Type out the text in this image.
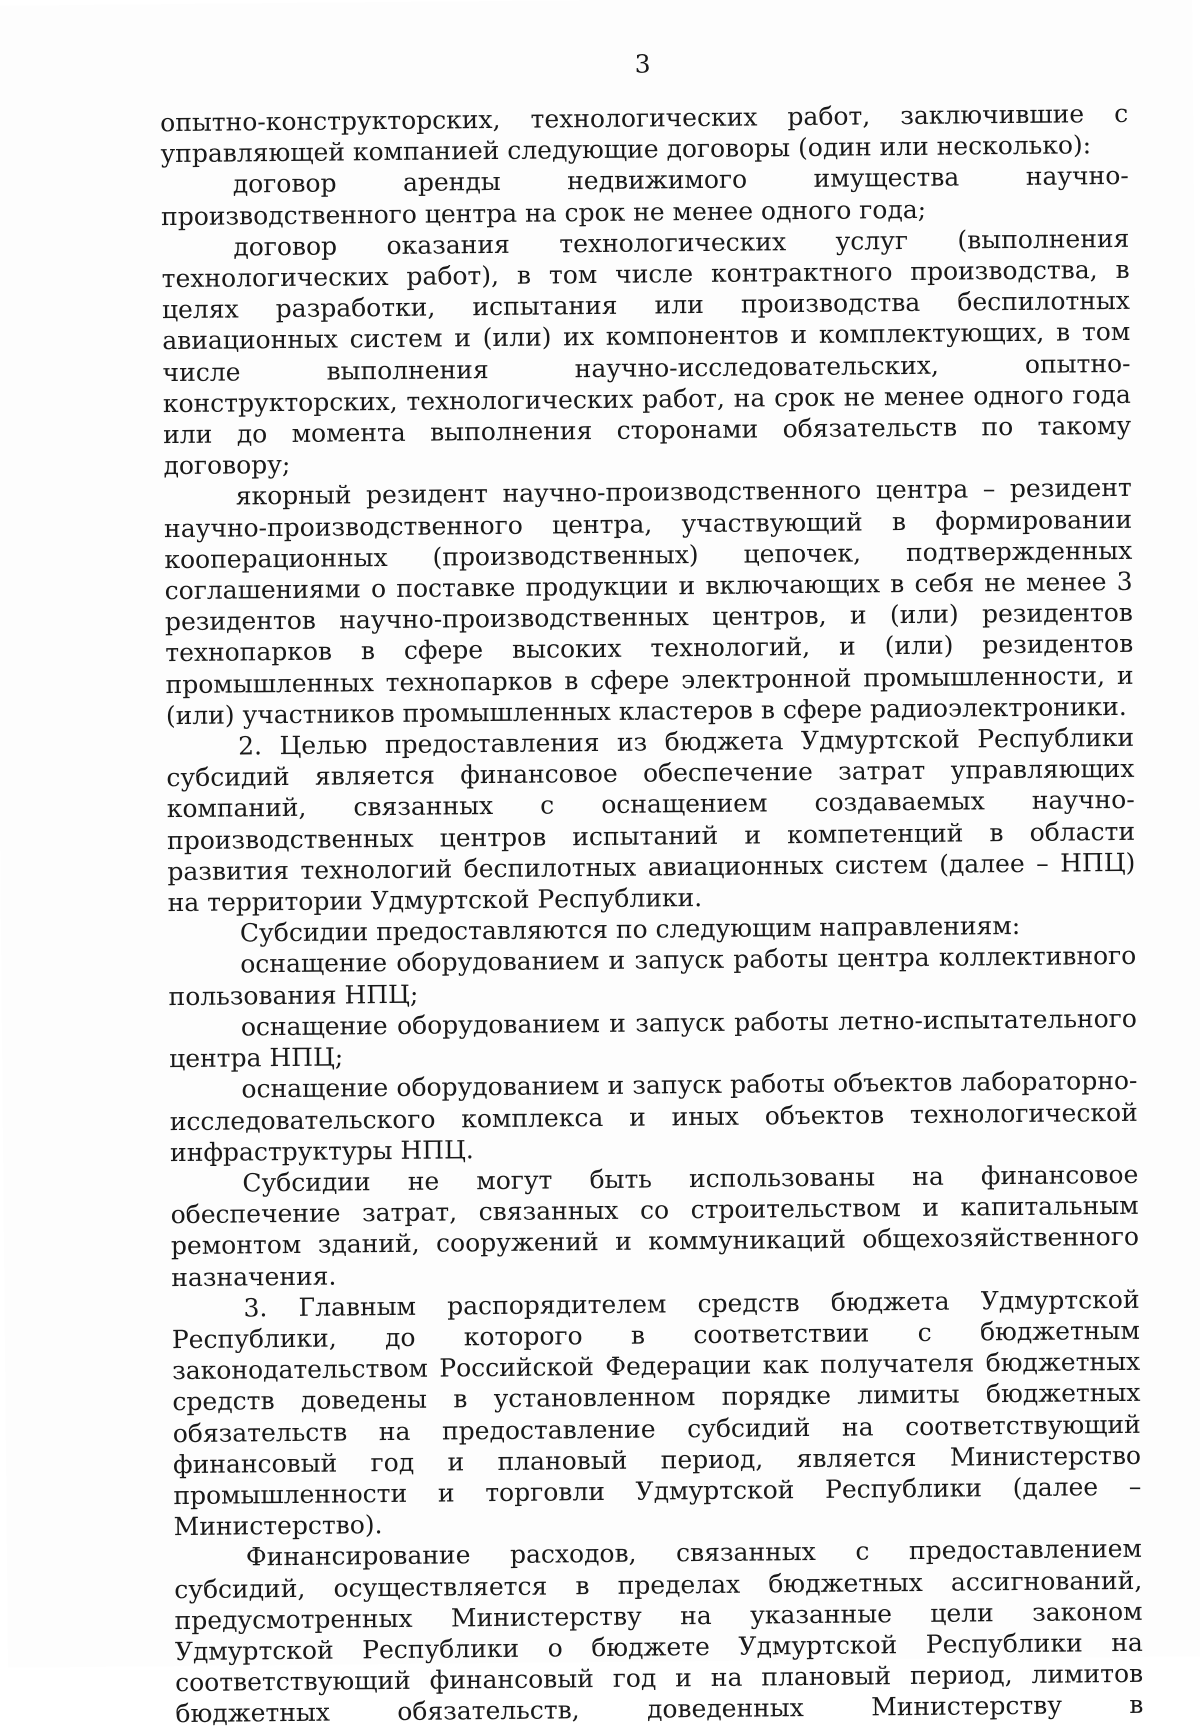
3

опытно-конструкторских, технологических работ, заключившие с управляющей компанией следующие договоры (один или несколько):

договор аренды недвижимого имущества научно-производственного центра на срок не менее одного года;

договор оказания технологических услуг (выполнения технологических работ), в том числе контрактного производства, в целях разработки, испытания или производства беспилотных авиационных систем и (или) их компонентов и комплектующих, в том числе выполнения научно-исследовательских, опытно-конструкторских, технологических работ, на срок не менее одного года или до момента выполнения сторонами обязательств по такому договору;

якорный резидент научно-производственного центра – резидент научно-производственного центра, участвующий в формировании кооперационных (производственных) цепочек, подтвержденных соглашениями о поставке продукции и включающих в себя не менее 3 резидентов научно-производственных центров, и (или) резидентов технопарков в сфере высоких технологий, и (или) резидентов промышленных технопарков в сфере электронной промышленности, и (или) участников промышленных кластеров в сфере радиоэлектроники.

2. Целью предоставления из бюджета Удмуртской Республики субсидий является финансовое обеспечение затрат управляющих компаний, связанных с оснащением создаваемых научно-производственных центров испытаний и компетенций в области развития технологий беспилотных авиационных систем (далее – НПЦ) на территории Удмуртской Республики.

Субсидии предоставляются по следующим направлениям:

оснащение оборудованием и запуск работы центра коллективного пользования НПЦ;

оснащение оборудованием и запуск работы летно-испытательного центра НПЦ;

оснащение оборудованием и запуск работы объектов лабораторно-исследовательского комплекса и иных объектов технологической инфраструктуры НПЦ.

Субсидии не могут быть использованы на финансовое обеспечение затрат, связанных со строительством и капитальным ремонтом зданий, сооружений и коммуникаций общехозяйственного назначения.

3. Главным распорядителем средств бюджета Удмуртской Республики, до которого в соответствии с бюджетным законодательством Российской Федерации как получателя бюджетных средств доведены в установленном порядке лимиты бюджетных обязательств на предоставление субсидий на соответствующий финансовый год и плановый период, является Министерство промышленности и торговли Удмуртской Республики (далее – Министерство).

Финансирование расходов, связанных с предоставлением субсидий, осуществляется в пределах бюджетных ассигнований, предусмотренных Министерству на указанные цели законом Удмуртской Республики о бюджете Удмуртской Республики на соответствующий финансовый год и на плановый период, лимитов бюджетных обязательств, доведенных Министерству в
